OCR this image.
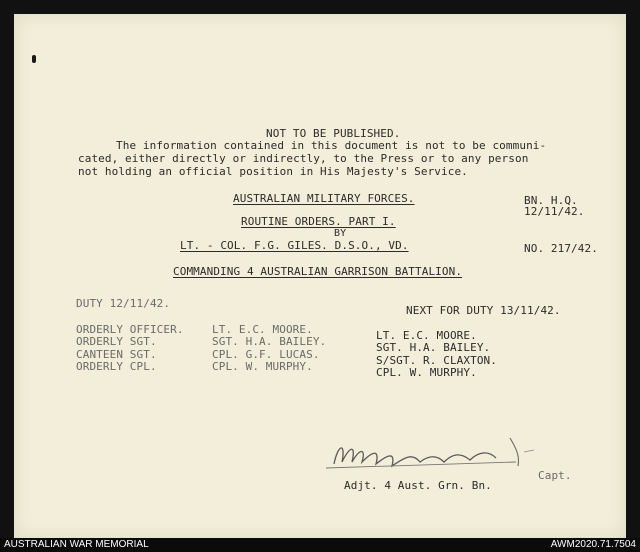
NOT TO BE PUBLISHED.
The information contained in this document is not to be communi-
cated, either directly or indirectly, to the Press or to any person
not holding an official position in His Majesty's Service.
AUSTRALIAN MILITARY FORCES.
ROUTINE ORDERS. PART I.
BY
LT. - COL. F.G. GILES. D.S.O., VD.
COMMANDING 4 AUSTRALIAN GARRISON BATTALION.
BN. H.Q.
12/11/42.
NO. 217/42.
DUTY 12/11/42.
NEXT FOR DUTY 13/11/42.
ORDERLY OFFICER.	LT. E.C. MOORE.	LT. E.C. MOORE.
ORDERLY SGT.	SGT. H.A. BAILEY.	SGT. H.A. BAILEY.
CANTEEN SGT.	CPL. G.F. LUCAS.	S/SGT. R. CLAXTON.
ORDERLY CPL.	CPL. W. MURPHY.	CPL. W. MURPHY.
Capt.
Adjt. 4 Aust. Grn. Bn.
AUSTRALIAN WAR MEMORIAL	AWM2020.71.7504
